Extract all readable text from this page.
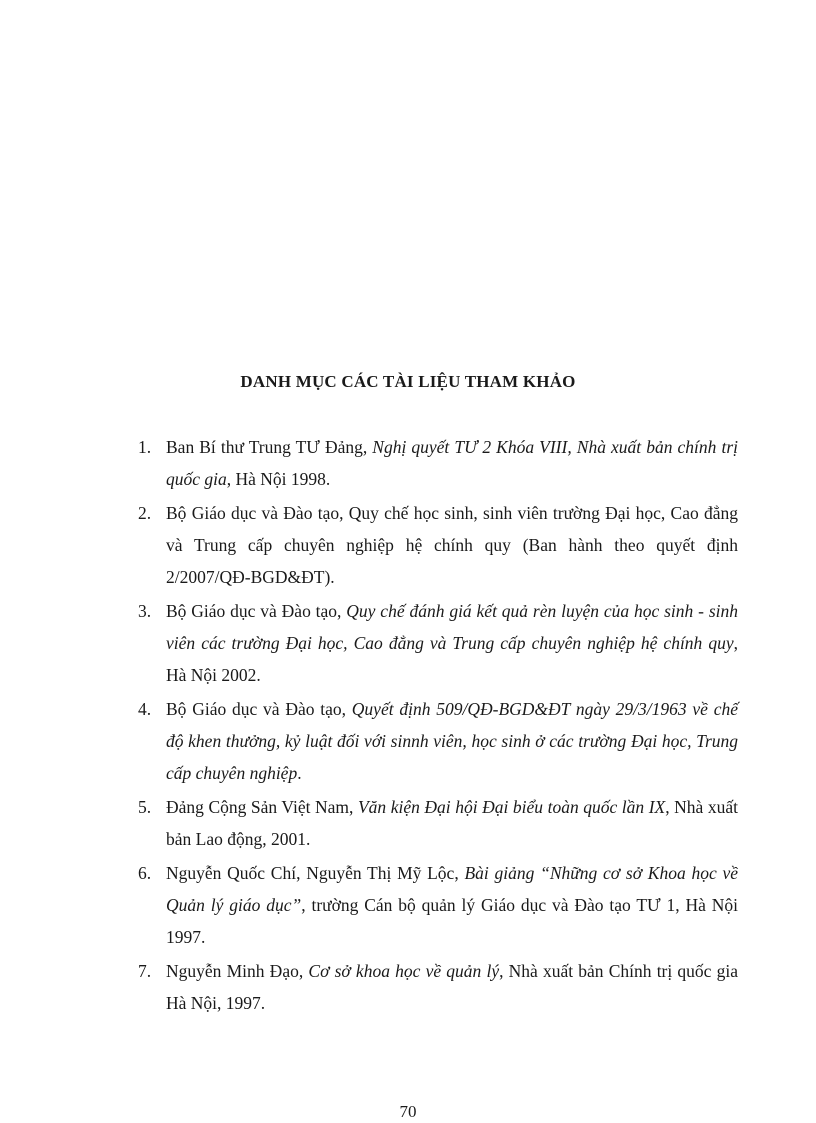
DANH MỤC CÁC TÀI LIỆU THAM KHẢO
1. Ban Bí thư Trung TƯ Đảng, Nghị quyết TƯ 2 Khóa VIII, Nhà xuất bản chính trị quốc gia, Hà Nội 1998.
2. Bộ Giáo dục và Đào tạo, Quy chế học sinh, sinh viên trường Đại học, Cao đẳng và Trung cấp chuyên nghiệp hệ chính quy (Ban hành theo quyết định 2/2007/QĐ-BGD&ĐT).
3. Bộ Giáo dục và Đào tạo, Quy chế đánh giá kết quả rèn luyện của học sinh - sinh viên các trường Đại học, Cao đẳng và Trung cấp chuyên nghiệp hệ chính quy, Hà Nội 2002.
4. Bộ Giáo dục và Đào tạo, Quyết định 509/QĐ-BGD&ĐT ngày 29/3/1963 về chế độ khen thưởng, kỷ luật đối với sinnh viên, học sinh ở các trường Đại học, Trung cấp chuyên nghiệp.
5. Đảng Cộng Sản Việt Nam, Văn kiện Đại hội Đại biểu toàn quốc lần IX, Nhà xuất bản Lao động, 2001.
6. Nguyễn Quốc Chí, Nguyễn Thị Mỹ Lộc, Bài giảng “Những cơ sở Khoa học về Quản lý giáo dục”, trường Cán bộ quản lý Giáo dục và Đào tạo TƯ 1, Hà Nội 1997.
7. Nguyễn Minh Đạo, Cơ sở khoa học về quản lý, Nhà xuất bản Chính trị quốc gia Hà Nội, 1997.
70
